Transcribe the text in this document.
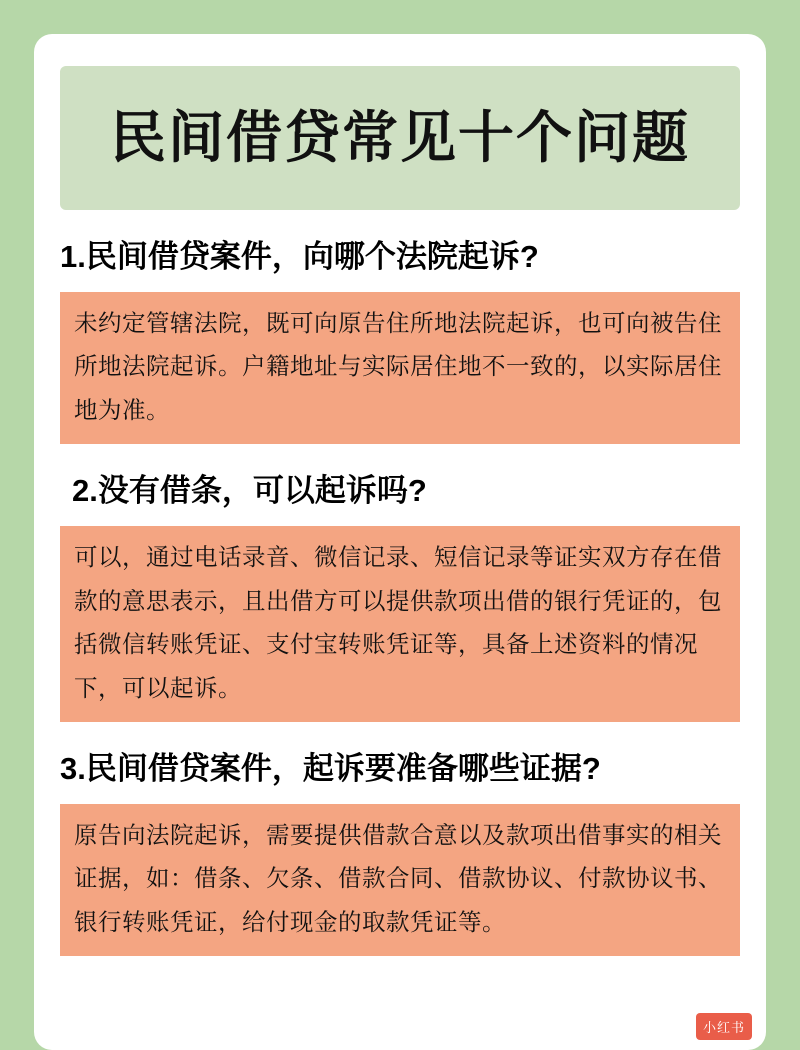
民间借贷常见十个问题
1.民间借贷案件，向哪个法院起诉?

未约定管辖法院，既可向原告住所地法院起诉，也可向被告住所地法院起诉。户籍地址与实际居住地不一致的，以实际居住地为准。

2.没有借条，可以起诉吗?

可以，通过电话录音、微信记录、短信记录等证实双方存在借款的意思表示，且出借方可以提供款项出借的银行凭证的，包括微信转账凭证、支付宝转账凭证等，具备上述资料的情况下，可以起诉。

3.民间借贷案件，起诉要准备哪些证据?

原告向法院起诉，需要提供借款合意以及款项出借事实的相关证据，如：借条、欠条、借款合同、借款协议、付款协议书、银行转账凭证，给付现金的取款凭证等。

小红书
